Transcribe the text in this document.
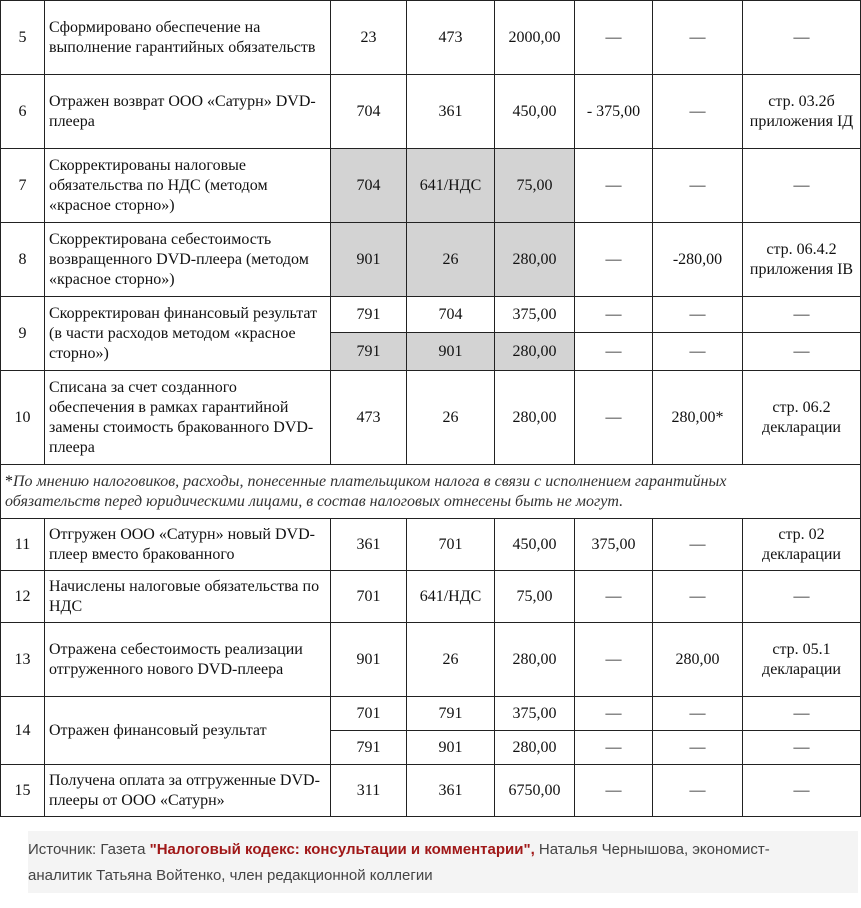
5	Сформировано обеспечение на выполнение гарантийных обязательств	23	473	2000,00	—	—	—
6	Отражен возврат ООО «Сатурн» DVD-плеера	704	361	450,00	- 375,00	—	стр. 03.2б приложения ІД
7	Скорректированы налоговые обязательства по НДС (методом «красное сторно»)	704	641/НДС	75,00	—	—	—
8	Скорректирована себестоимость возвращенного DVD-плеера (методом «красное сторно»)	901	26	280,00	—	-280,00	стр. 06.4.2 приложения ІВ
9	Скорректирован финансовый результат (в части расходов методом «красное сторно»)	791	704	375,00	—	—	—
		791	901	280,00	—	—	—
10	Списана за счет созданного обеспечения в рамках гарантийной замены стоимость бракованного DVD-плеера	473	26	280,00	—	280,00*	стр. 06.2 декларации
*По мнению налоговиков, расходы, понесенные плательщиком налога в связи с исполнением гарантийных
обязательств перед юридическими лицами, в состав налоговых отнесены быть не могут.							
11	Отгружен ООО «Сатурн» новый DVD-плеер вместо бракованного	361	701	450,00	375,00	—	стр. 02 декларации
12	Начислены налоговые обязательства по НДС	701	641/НДС	75,00	—	—	—
13	Отражена себестоимость реализации отгруженного нового DVD-плеера	901	26	280,00	—	280,00	стр. 05.1 декларации
14	Отражен финансовый результат	701	791	375,00	—	—	—
		791	901	280,00	—	—	—
15	Получена оплата за отгруженные DVD-плееры от ООО «Сатурн»	311	361	6750,00	—	—	—
Источник: Газета "Налоговый кодекс: консультации и комментарии", Наталья Чернышова, экономист-
аналитик Татьяна Войтенко, член редакционной коллегии
